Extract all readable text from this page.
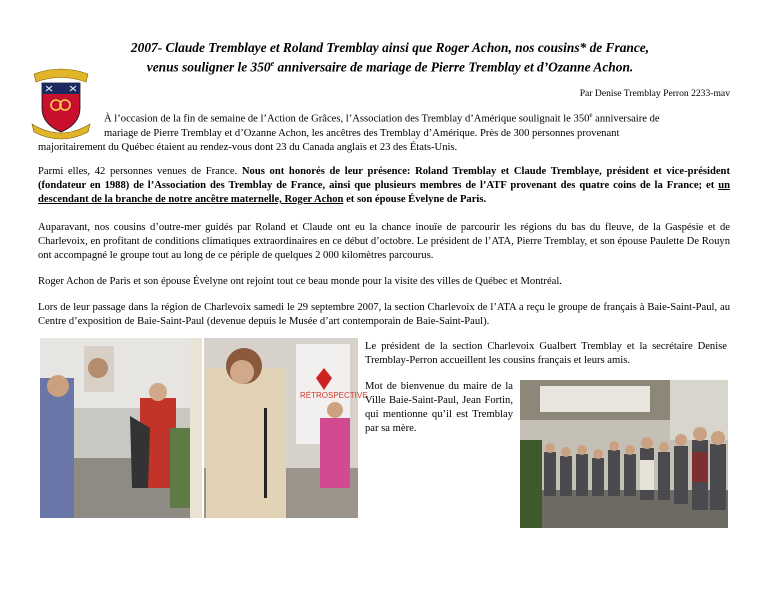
2007- Claude Tremblaye et Roland Tremblay ainsi que Roger Achon, nos cousins* de France,
venus souligner le 350e anniversaire de mariage de Pierre Tremblay et d’Ozanne Achon.
Par Denise Tremblay Perron 2233-mav
À l’occasion de la fin de semaine de l’Action de Grâces, l’Association des Tremblay d’Amérique soulignait le 350e anniversaire de
mariage de Pierre Tremblay et d’Ozanne Achon, les ancêtres des Tremblay d’Amérique. Près de 300 personnes provenant
majoritairement du Québec étaient au rendez-vous dont 23 du Canada anglais et 23 des États-Unis.
Parmi elles, 42 personnes venues de France. Nous ont honorés de leur présence: Roland Tremblay et Claude Tremblaye, président et vice-président (fondateur en 1988) de l’Association des Tremblay de France, ainsi que plusieurs membres de l’ATF provenant des quatre coins de la France; et un descendant de la branche de notre ancêtre maternelle, Roger Achon et son épouse Évelyne de Paris.
Auparavant, nos cousins d’outre-mer guidés par Roland et Claude ont eu la chance inouïe de parcourir les régions du bas du fleuve, de la Gaspésie et de Charlevoix, en profitant de conditions climatiques extraordinaires en ce début d’octobre. Le président de l’ATA, Pierre Tremblay, et son épouse Paulette De Rouyn ont accompagné le groupe tout au long de ce périple de quelques 2 000 kilomètres parcourus.
Roger Achon de Paris et son épouse Évelyne ont rejoint tout ce beau monde pour la visite des villes de Québec et Montréal.
Lors de leur passage dans la région de Charlevoix samedi le 29 septembre 2007, la section Charlevoix de l’ATA a reçu le groupe de français à Baie-Saint-Paul, au Centre d’exposition de Baie-Saint-Paul (devenue depuis le Musée d’art contemporain de Baie-Saint-Paul).
RÉTROSPECTIVE
Le président de la section Charlevoix Gualbert Tremblay et la secrétaire Denise Tremblay-Perron accueillent les cousins français et leurs amis.
Mot de bienvenue du maire de la Ville Baie-Saint-Paul, Jean Fortin, qui mentionne qu’il est Tremblay par sa mère.
